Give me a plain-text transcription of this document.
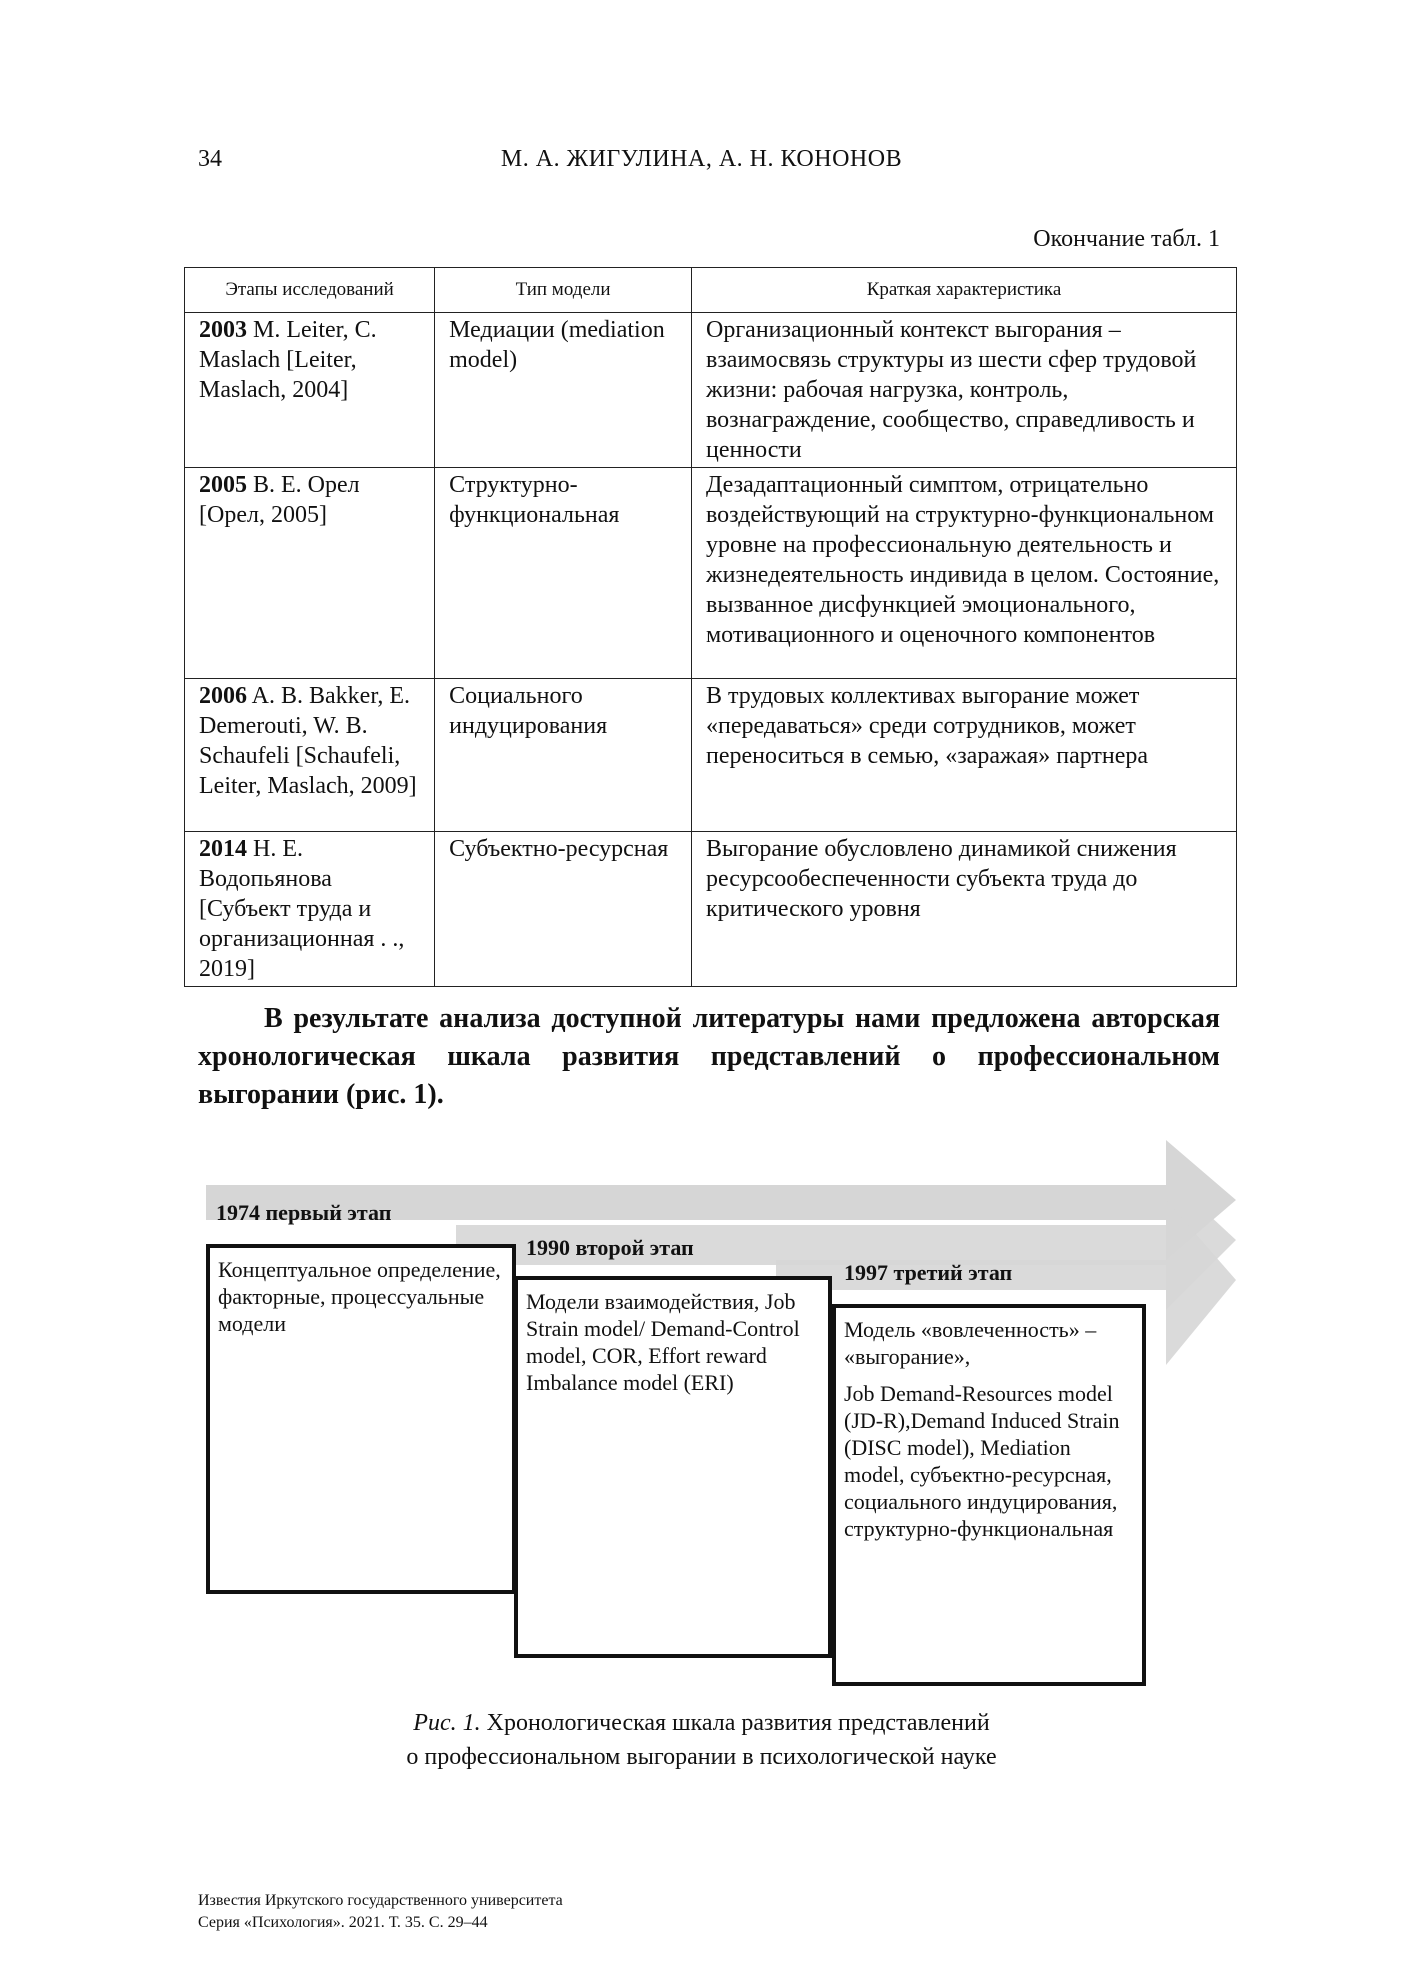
34	М. А. ЖИГУЛИНА, А. Н. КОНОНОВ
Окончание табл. 1
Этапы исследований	Тип модели	Краткая характеристика
2003 M. Leiter, C. Maslach [Leiter, Maslach, 2004]	Медиации (mediation model)	Организационный контекст выгорания – взаимосвязь структуры из шести сфер трудовой жизни: рабочая нагрузка, контроль, вознаграждение, сообщество, справедливость и ценности
2005 В. Е. Орел [Орел, 2005]	Структурно-функциональная	Дезадаптационный симптом, отрицательно воздействующий на структурно-функциональном уровне на профессиональную деятельность и жизнедеятельность индивида в целом. Состояние, вызванное дисфункцией эмоционального, мотивационного и оценочного компонентов
2006 A. B. Bakker, E. Demerouti, W. B. Schaufeli [Schaufeli, Leiter, Maslach, 2009]	Социального индуцирования	В трудовых коллективах выгорание может «передаваться» среди сотрудников, может переноситься в семью, «заражая» партнера
2014 Н. Е. Водопьянова [Субъект труда и организационная . ., 2019]	Субъектно-ресурсная	Выгорание обусловлено динамикой снижения ресурсообеспеченности субъекта труда до критического уровня
В результате анализа доступной литературы нами предложена авторская хронологическая шкала развития представлений о профессиональном выгорании (рис. 1).
1974 первый этап
Концептуальное определение, факторные, процессуальные модели
1990 второй этап
Модели взаимодействия, Job Strain model/ Demand-Control model, COR, Effort reward Imbalance model (ERI)
1997 третий этап
Модель «вовлеченность» – «выгорание»,
Job Demand-Resources model (JD-R),Demand Induced Strain (DISC model), Mediation model, субъектно-ресурсная, социального индуцирования, структурно-функциональная
Рис. 1. Хронологическая шкала развития представлений
о профессиональном выгорании в психологической науке
Известия Иркутского государственного университета
Серия «Психология». 2021. Т. 35. С. 29–44
